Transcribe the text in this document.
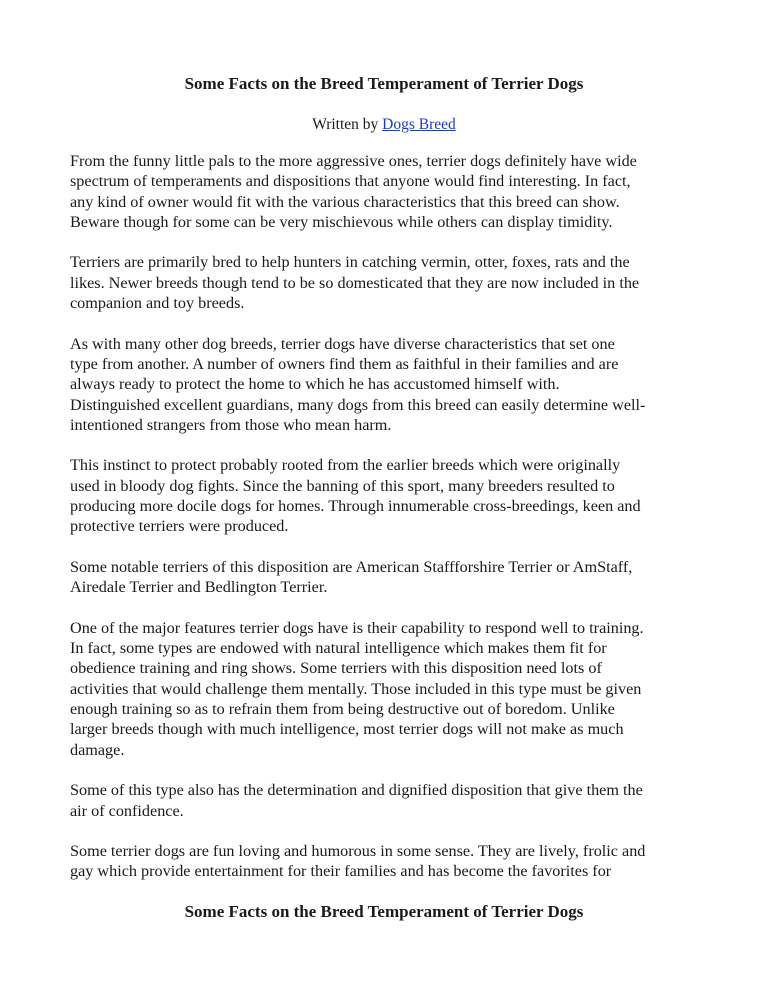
Some Facts on the Breed Temperament of Terrier Dogs
Written by Dogs Breed

From the funny little pals to the more aggressive ones, terrier dogs definitely have wide
spectrum of temperaments and dispositions that anyone would find interesting. In fact,
any kind of owner would fit with the various characteristics that this breed can show.
Beware though for some can be very mischievous while others can display timidity.

Terriers are primarily bred to help hunters in catching vermin, otter, foxes, rats and the
likes. Newer breeds though tend to be so domesticated that they are now included in the
companion and toy breeds.

As with many other dog breeds, terrier dogs have diverse characteristics that set one
type from another. A number of owners find them as faithful in their families and are
always ready to protect the home to which he has accustomed himself with.
Distinguished excellent guardians, many dogs from this breed can easily determine well-
intentioned strangers from those who mean harm.

This instinct to protect probably rooted from the earlier breeds which were originally
used in bloody dog fights. Since the banning of this sport, many breeders resulted to
producing more docile dogs for homes. Through innumerable cross-breedings, keen and
protective terriers were produced.

Some notable terriers of this disposition are American Staffforshire Terrier or AmStaff,
Airedale Terrier and Bedlington Terrier.

One of the major features terrier dogs have is their capability to respond well to training.
In fact, some types are endowed with natural intelligence which makes them fit for
obedience training and ring shows. Some terriers with this disposition need lots of
activities that would challenge them mentally. Those included in this type must be given
enough training so as to refrain them from being destructive out of boredom. Unlike
larger breeds though with much intelligence, most terrier dogs will not make as much
damage.

Some of this type also has the determination and dignified disposition that give them the
air of confidence.

Some terrier dogs are fun loving and humorous in some sense. They are lively, frolic and
gay which provide entertainment for their families and has become the favorites for

Some Facts on the Breed Temperament of Terrier Dogs
